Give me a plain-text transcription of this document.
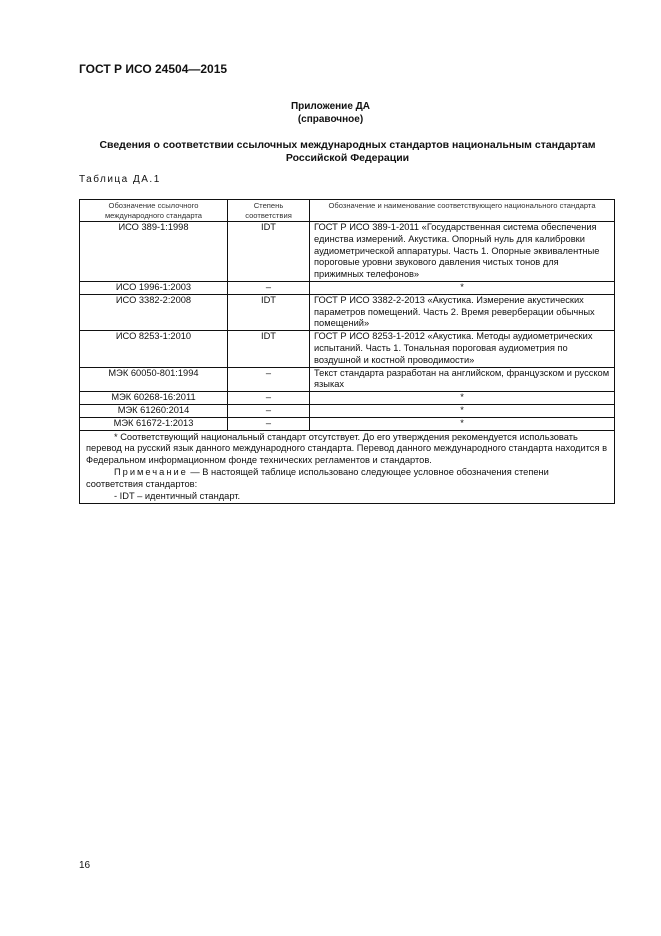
ГОСТ Р ИСО 24504—2015
Приложение ДА
(справочное)
Сведения о соответствии ссылочных международных стандартов национальным стандартам Российской Федерации
Таблица ДА.1
Обозначение ссылочного международного стандарта	Степень соответствия	Обозначение и наименование соответствующего национального стандарта
ИСО 389-1:1998	IDT	ГОСТ Р ИСО 389-1-2011 «Государственная система обеспечения единства измерений. Акустика. Опорный нуль для калибровки аудиометрической аппаратуры. Часть 1. Опорные эквивалентные пороговые уровни звукового давления чистых тонов для прижимных телефонов»
ИСО 1996-1:2003	–	*
ИСО 3382-2:2008	IDT	ГОСТ Р ИСО 3382-2-2013 «Акустика. Измерение акустических параметров помещений. Часть 2. Время реверберации обычных помещений»
ИСО 8253-1:2010	IDT	ГОСТ Р ИСО 8253-1-2012 «Акустика. Методы аудиометрических испытаний. Часть 1. Тональная пороговая аудиометрия по воздушной и костной проводимости»
МЭК 60050-801:1994	–	Текст стандарта разработан на английском, французском и русском языках
МЭК 60268-16:2011	–	*
МЭК 61260:2014	–	*
МЭК 61672-1:2013	–	*

* Соответствующий национальный стандарт отсутствует. До его утверждения рекомендуется использовать перевод на русский язык данного международного стандарта. Перевод данного международного стандарта находится в Федеральном информационном фонде технических регламентов и стандартов.
Примечание — В настоящей таблице использовано следующее условное обозначения степени соответствия стандартов:
- IDT – идентичный стандарт.		
16
